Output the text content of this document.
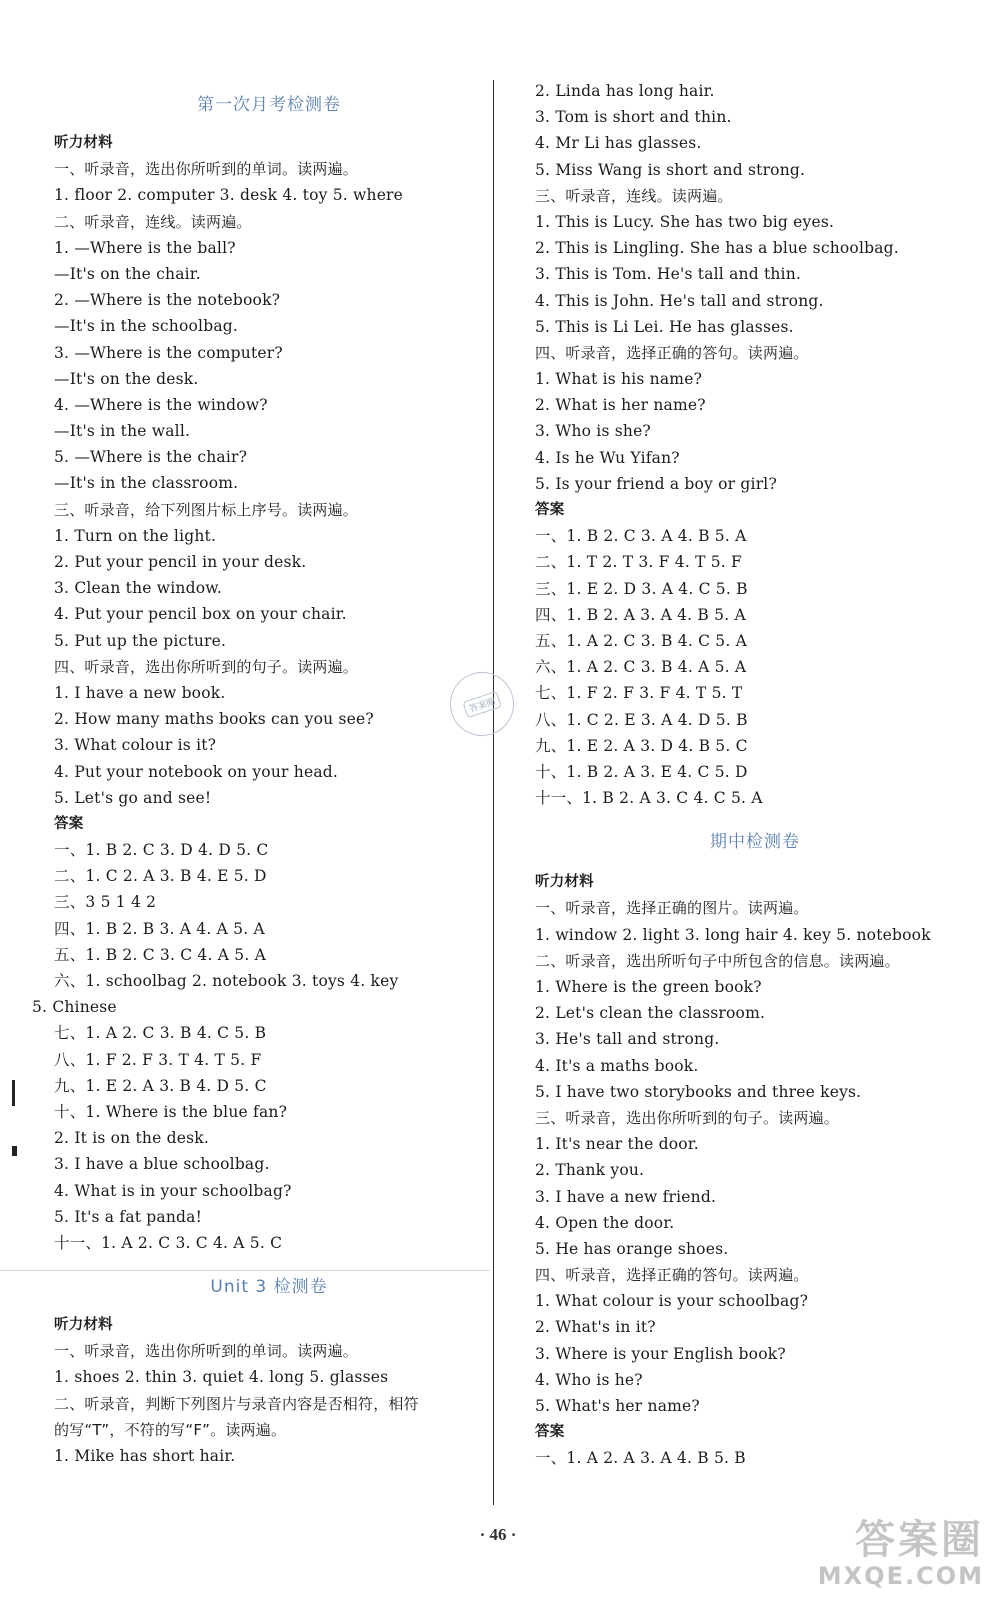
第一次月考检测卷
听力材料
一、听录音，选出你所听到的单词。读两遍。
1. floor 2. computer 3. desk 4. toy 5. where
二、听录音，连线。读两遍。
1. —Where is the ball?
—It's on the chair.
2. —Where is the notebook?
—It's in the schoolbag.
3. —Where is the computer?
—It's on the desk.
4. —Where is the window?
—It's in the wall.
5. —Where is the chair?
—It's in the classroom.
三、听录音，给下列图片标上序号。读两遍。
1. Turn on the light.
2. Put your pencil in your desk.
3. Clean the window.
4. Put your pencil box on your chair.
5. Put up the picture.
四、听录音，选出你所听到的句子。读两遍。
1. I have a new book.
2. How many maths books can you see?
3. What colour is it?
4. Put your notebook on your head.
5. Let's go and see!
答案
一、1. B 2. C 3. D 4. D 5. C
二、1. C 2. A 3. B 4. E 5. D
三、3 5 1 4 2
四、1. B 2. B 3. A 4. A 5. A
五、1. B 2. C 3. C 4. A 5. A
六、1. schoolbag 2. notebook 3. toys 4. key
5. Chinese
七、1. A 2. C 3. B 4. C 5. B
八、1. F 2. F 3. T 4. T 5. F
九、1. E 2. A 3. B 4. D 5. C
十、1. Where is the blue fan?
2. It is on the desk.
3. I have a blue schoolbag.
4. What is in your schoolbag?
5. It's a fat panda!
十一、1. A 2. C 3. C 4. A 5. C
Unit 3 检测卷
听力材料
一、听录音，选出你所听到的单词。读两遍。
1. shoes 2. thin 3. quiet 4. long 5. glasses
二、听录音，判断下列图片与录音内容是否相符，相符
的写“T”，不符的写“F”。读两遍。
1. Mike has short hair.
2. Linda has long hair.
3. Tom is short and thin.
4. Mr Li has glasses.
5. Miss Wang is short and strong.
三、听录音，连线。读两遍。
1. This is Lucy. She has two big eyes.
2. This is Lingling. She has a blue schoolbag.
3. This is Tom. He's tall and thin.
4. This is John. He's tall and strong.
5. This is Li Lei. He has glasses.
四、听录音，选择正确的答句。读两遍。
1. What is his name?
2. What is her name?
3. Who is she?
4. Is he Wu Yifan?
5. Is your friend a boy or girl?
答案
一、1. B 2. C 3. A 4. B 5. A
二、1. T 2. T 3. F 4. T 5. F
三、1. E 2. D 3. A 4. C 5. B
四、1. B 2. A 3. A 4. B 5. A
五、1. A 2. C 3. B 4. C 5. A
六、1. A 2. C 3. B 4. A 5. A
七、1. F 2. F 3. F 4. T 5. T
八、1. C 2. E 3. A 4. D 5. B
九、1. E 2. A 3. D 4. B 5. C
十、1. B 2. A 3. E 4. C 5. D
十一、1. B 2. A 3. C 4. C 5. A
期中检测卷
听力材料
一、听录音，选择正确的图片。读两遍。
1. window 2. light 3. long hair 4. key 5. notebook
二、听录音，选出所听句子中所包含的信息。读两遍。
1. Where is the green book?
2. Let's clean the classroom.
3. He's tall and strong.
4. It's a maths book.
5. I have two storybooks and three keys.
三、听录音，选出你所听到的句子。读两遍。
1. It's near the door.
2. Thank you.
3. I have a new friend.
4. Open the door.
5. He has orange shoes.
四、听录音，选择正确的答句。读两遍。
1. What colour is your schoolbag?
2. What's in it?
3. Where is your English book?
4. Who is he?
5. What's her name?
答案
一、1. A 2. A 3. A 4. B 5. B
答案圈
· 46 ·	答案圈
MXQE.COM
